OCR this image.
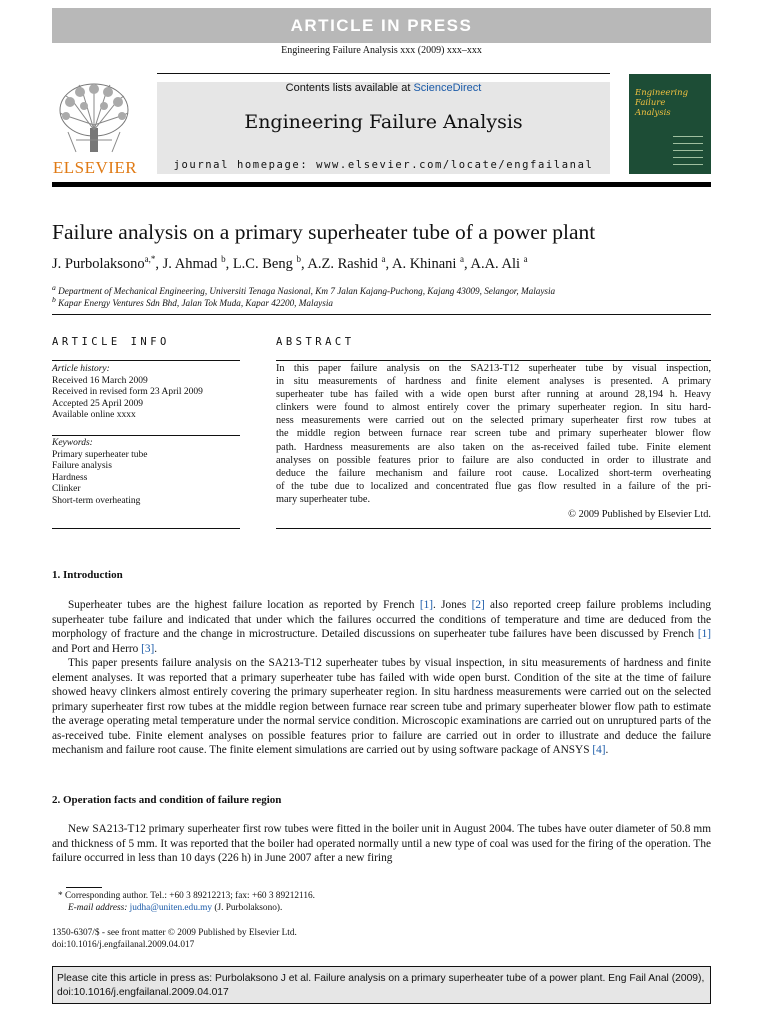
ARTICLE IN PRESS
Engineering Failure Analysis xxx (2009) xxx–xxx
ELSEVIER
Contents lists available at ScienceDirect
Engineering Failure Analysis
journal homepage: www.elsevier.com/locate/engfailanal
Engineering
Failure
Analysis
Failure analysis on a primary superheater tube of a power plant
J. Purbolaksono$^{a,*}$, J. Ahmad $^b$, L.C. Beng $^b$, A.Z. Rashid $^a$, A. Khinani $^a$, A.A. Ali $^a$
$^a$ Department of Mechanical Engineering, Universiti Tenaga Nasional, Km 7 Jalan Kajang-Puchong, Kajang 43009, Selangor, Malaysia
$^b$ Kapar Energy Ventures Sdn Bhd, Jalan Tok Muda, Kapar 42200, Malaysia
ARTICLE INFO
Article history:
Received 16 March 2009
Received in revised form 23 April 2009
Accepted 25 April 2009
Available online xxxx
Keywords:
Primary superheater tube
Failure analysis
Hardness
Clinker
Short-term overheating
ABSTRACT
In this paper failure analysis on the SA213-T12 superheater tube by visual inspection,
in situ measurements of hardness and finite element analyses is presented. A primary
superheater tube has failed with a wide open burst after running at around 28,194 h. Heavy
clinkers were found to almost entirely cover the primary superheater region. In situ hard-
ness measurements were carried out on the selected primary superheater first row tubes at
the middle region between furnace rear screen tube and primary superheater blower flow
path. Hardness measurements are also taken on the as-received failed tube. Finite element
analyses on possible features prior to failure are also conducted in order to illustrate and
deduce the failure mechanism and failure root cause. Localized short-term overheating
of the tube due to localized and concentrated flue gas flow resulted in a failure of the pri-
mary superheater tube.
© 2009 Published by Elsevier Ltd.
1. Introduction

Superheater tubes are the highest failure location as reported by French [1]. Jones [2] also reported creep failure problems including superheater tube failure and indicated that under which the failures occurred the conditions of temperature and time are deduced from the morphology of fracture and the change in microstructure. Detailed discussions on superheater tube failures have been discussed by French [1] and Port and Herro [3].

This paper presents failure analysis on the SA213-T12 superheater tubes by visual inspection, in situ measurements of hardness and finite element analyses. It was reported that a primary superheater tube has failed with wide open burst. Condition of the site at the time of failure showed heavy clinkers almost entirely covering the primary superheater region. In situ hardness measurements were carried out on the selected primary superheater first row tubes at the middle region between furnace rear screen tube and primary superheater blower flow path to estimate the average operating metal temperature under the normal service condition. Microscopic examinations are carried out on unruptured parts of the as-received tube. Finite element analyses on possible features prior to failure are carried out in order to illustrate and deduce the failure mechanism and failure root cause. The finite element simulations are carried out by using software package of ANSYS [4].

2. Operation facts and condition of failure region

New SA213-T12 primary superheater first row tubes were fitted in the boiler unit in August 2004. The tubes have outer diameter of 50.8 mm and thickness of 5 mm. It was reported that the boiler had operated normally until a new type of coal was used for the firing of the operation. The failure occurred in less than 10 days (226 h) in June 2007 after a new firing

* Corresponding author. Tel.: +60 3 89212213; fax: +60 3 89212116.
E-mail address: judha@uniten.edu.my (J. Purbolaksono).
1350-6307/$ - see front matter © 2009 Published by Elsevier Ltd.
doi:10.1016/j.engfailanal.2009.04.017
Please cite this article in press as: Purbolaksono J et al. Failure analysis on a primary superheater tube of a power plant. Eng Fail Anal (2009), doi:10.1016/j.engfailanal.2009.04.017
